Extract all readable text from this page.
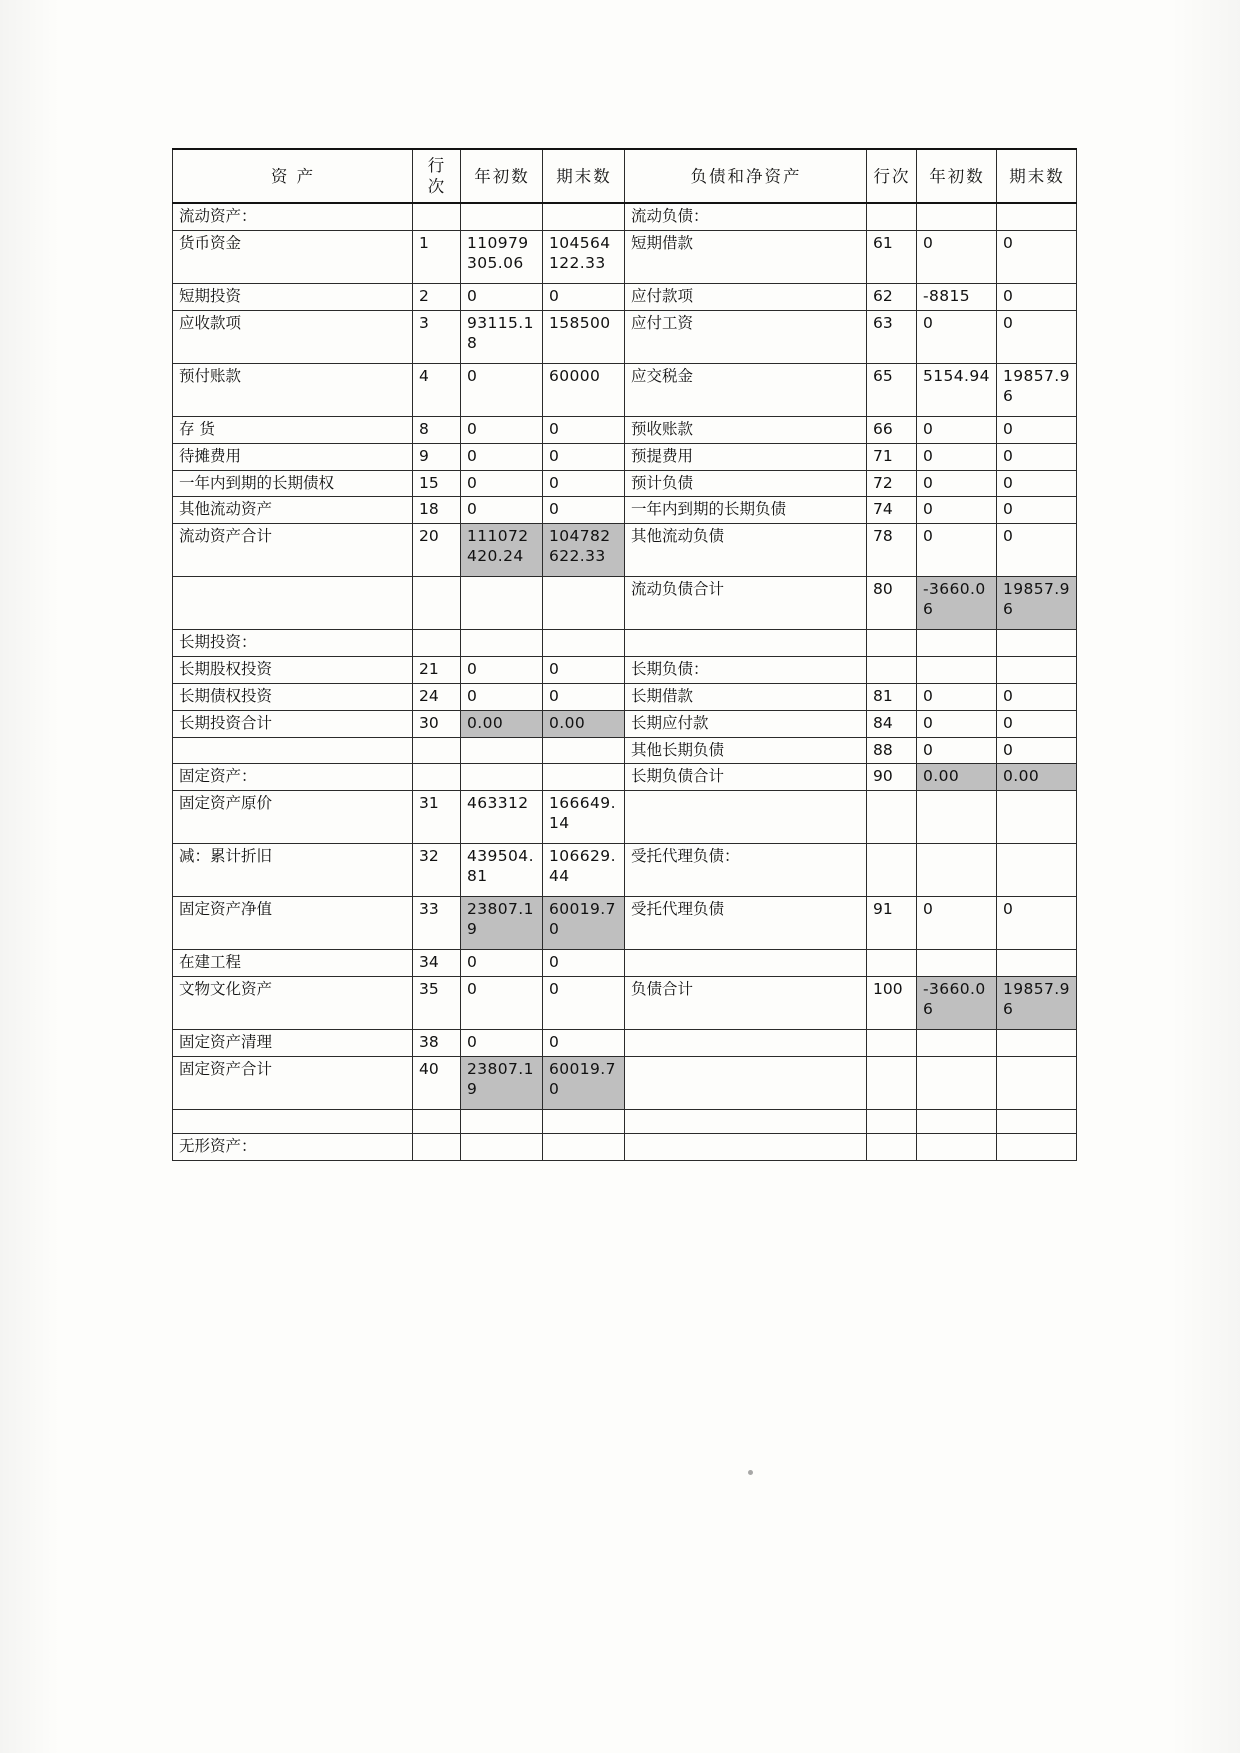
资 产	行次	年初数	期末数	负债和净资产	行次	年初数	期末数

流动资产：				流动负债：			

货币资金	1	110979305.06	104564122.33	短期借款	61	0	0

短期投资	2	0	0	应付款项	62	-8815	0

应收款项	3	93115.18	158500	应付工资	63	0	0

预付账款	4	0	60000	应交税金	65	5154.94	19857.96

存 货	8	0	0	预收账款	66	0	0

待摊费用	9	0	0	预提费用	71	0	0

一年内到期的长期债权	15	0	0	预计负债	72	0	0

其他流动资产	18	0	0	一年内到期的长期负债	74	0	0

流动资产合计	20	111072420.24	104782622.33	其他流动负债	78	0	0

				流动负债合计	80	-3660.06	19857.96

长期投资：							

长期股权投资	21	0	0	长期负债：			

长期债权投资	24	0	0	长期借款	81	0	0

长期投资合计	30	0.00	0.00	长期应付款	84	0	0

				其他长期负债	88	0	0

固定资产：				长期负债合计	90	0.00	0.00

固定资产原价	31	463312	166649.14				

减：累计折旧	32	439504.81	106629.44	受托代理负债：			

固定资产净值	33	23807.19	60019.70	受托代理负债	91	0	0

在建工程	34	0	0				

文物文化资产	35	0	0	负债合计	100	-3660.06	19857.96

固定资产清理	38	0	0				

固定资产合计	40	23807.19	60019.70				

无形资产：							
